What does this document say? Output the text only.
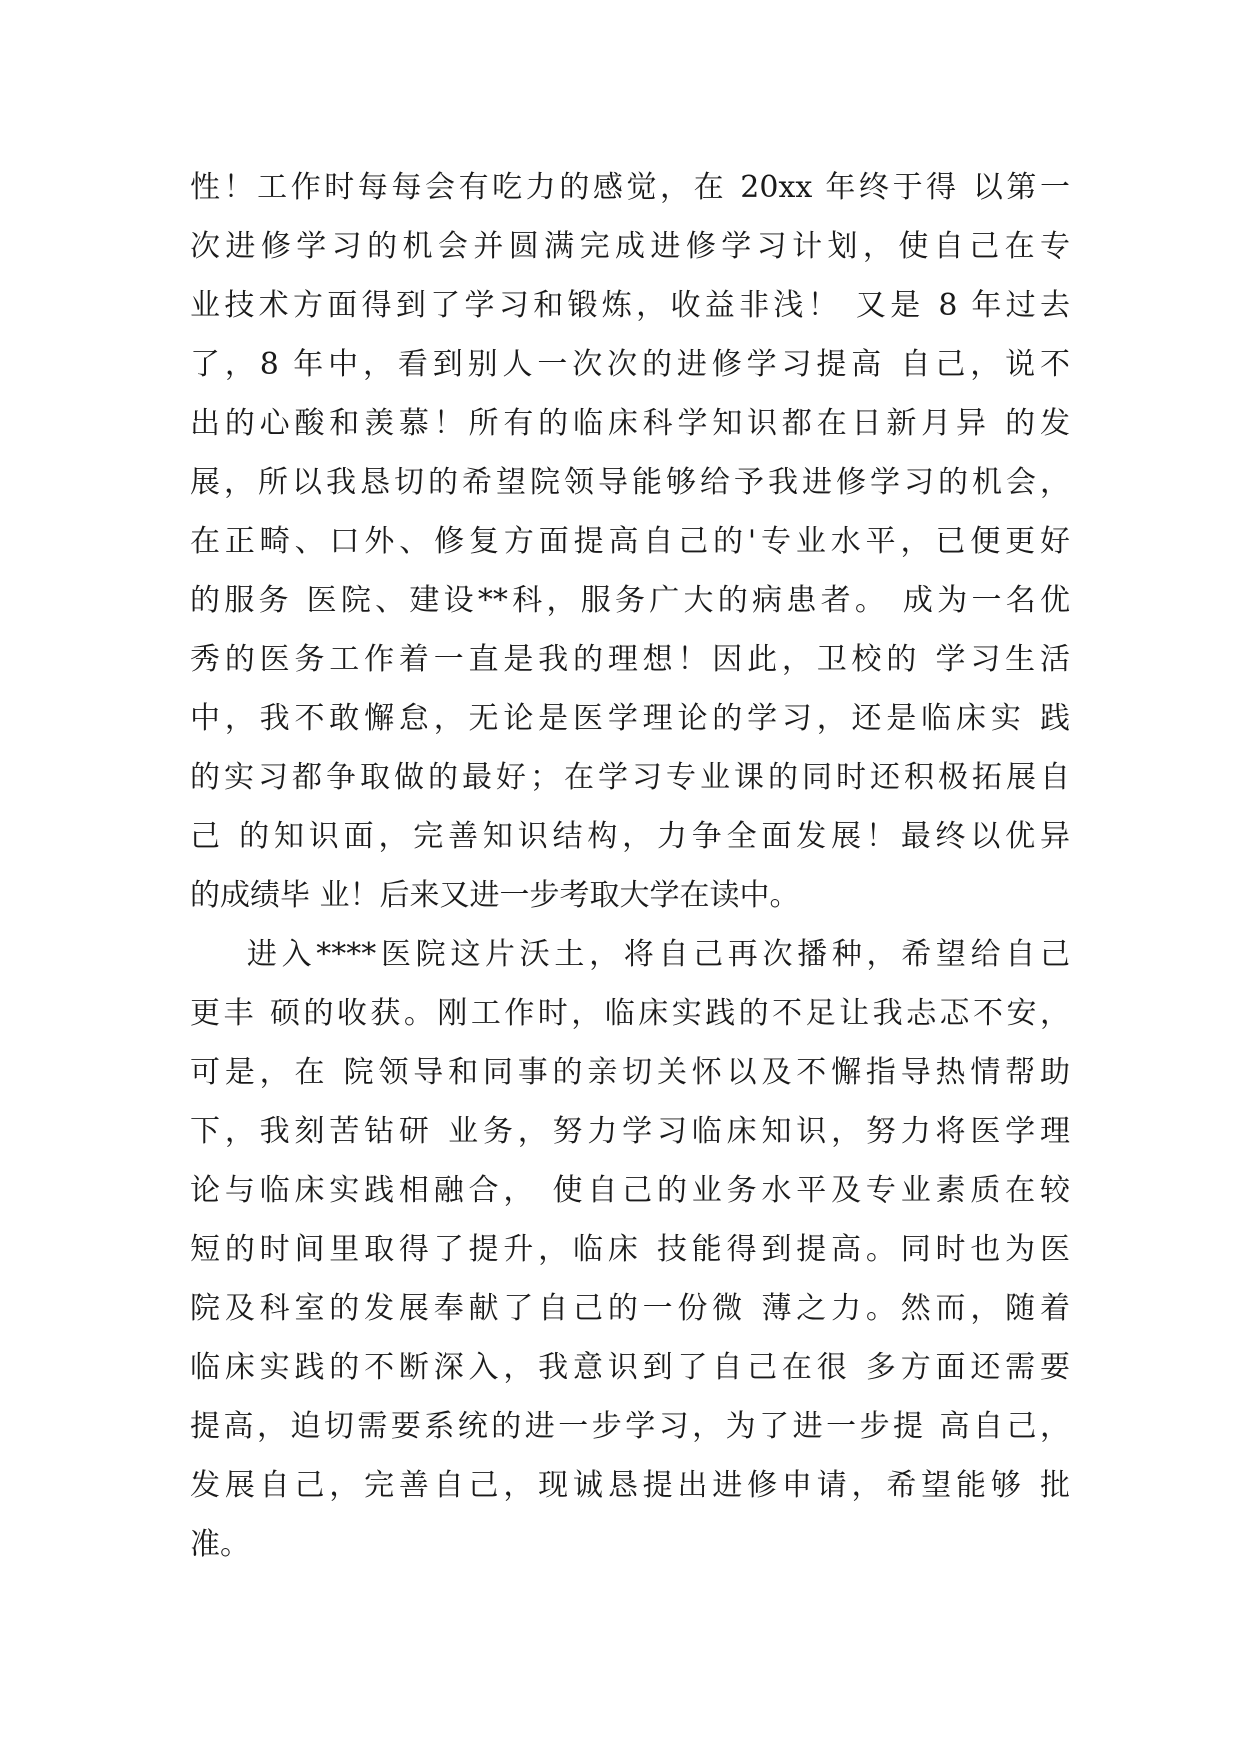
性！工作时每每会有吃力的感觉，在 20xx 年终于得 以第一
次进修学习的机会并圆满完成进修学习计划，使自己在专
业技术方面得到了学习和锻炼，收益非浅！ 又是 8 年过去
了，8 年中，看到别人一次次的进修学习提高 自己，说不
出的心酸和羡慕！所有的临床科学知识都在日新月异 的发
展，所以我恳切的希望院领导能够给予我进修学习的机会，
在正畸、口外、修复方面提高自己的'专业水平，已便更好
的服务 医院、建设**科，服务广大的病患者。 成为一名优
秀的医务工作着一直是我的理想！因此，卫校的 学习生活
中，我不敢懈怠，无论是医学理论的学习，还是临床实 践
的实习都争取做的最好；在学习专业课的同时还积极拓展自
己 的知识面，完善知识结构，力争全面发展！最终以优异
的成绩毕 业！后来又进一步考取大学在读中。
进入****医院这片沃土，将自己再次播种，希望给自己
更丰 硕的收获。刚工作时，临床实践的不足让我忐忑不安，
可是，在 院领导和同事的亲切关怀以及不懈指导热情帮助
下，我刻苦钻研 业务，努力学习临床知识，努力将医学理
论与临床实践相融合， 使自己的业务水平及专业素质在较
短的时间里取得了提升，临床 技能得到提高。同时也为医
院及科室的发展奉献了自己的一份微 薄之力。然而，随着
临床实践的不断深入，我意识到了自己在很 多方面还需要
提高，迫切需要系统的进一步学习，为了进一步提 高自己，
发展自己，完善自己，现诚恳提出进修申请，希望能够 批
准。
